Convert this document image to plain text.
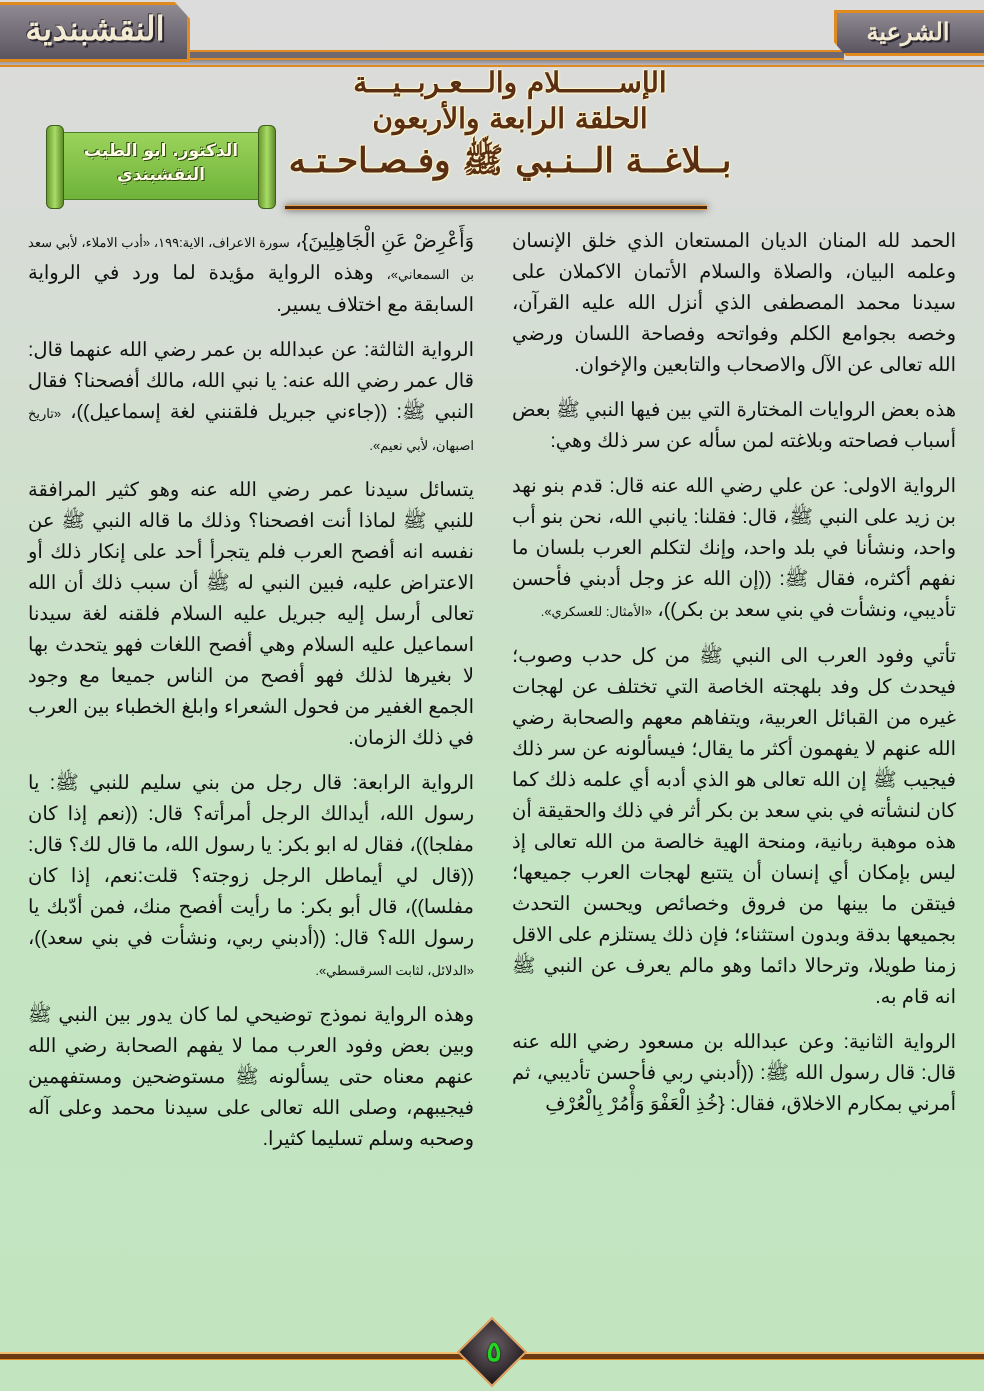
النقشبندية	الشرعية
الإســـــــلام والـــعـربــيـــة
الحلقة الرابعة والأربعون
بــلاغــة الــنـبي ﷺ وفـصـاحـتـه
الدكتور. ابو الطيب النقشبندي

الحمد لله المنان الديان المستعان الذي خلق الإنسان وعلمه البيان، والصلاة والسلام الأتمان الاكملان على سيدنا محمد المصطفى الذي أنزل الله عليه القرآن، وخصه بجوامع الكلم وفواتحه وفصاحة اللسان ورضي الله تعالى عن الآل والاصحاب والتابعين والإخوان.

هذه بعض الروايات المختارة التي بين فيها النبي ﷺ بعض أسباب فصاحته وبلاغته لمن سأله عن سر ذلك وهي:

الرواية الاولى: عن علي رضي الله عنه قال: قدم بنو نهد بن زيد على النبي ﷺ، قال: فقلنا: يانبي الله، نحن بنو أب واحد، ونشأنا في بلد واحد، وإنك لتكلم العرب بلسان ما نفهم أكثره، فقال ﷺ: ((إن الله عز وجل أدبني فأحسن تأديبي، ونشأت في بني سعد بن بكر))، «الأمثال: للعسكري».

تأتي وفود العرب الى النبي ﷺ من كل حدب وصوب؛ فيحدث كل وفد بلهجته الخاصة التي تختلف عن لهجات غيره من القبائل العربية، ويتفاهم معهم والصحابة رضي الله عنهم لا يفهمون أكثر ما يقال؛ فيسألونه عن سر ذلك فيجيب ﷺ إن الله تعالى هو الذي أدبه أي علمه ذلك كما كان لنشأته في بني سعد بن بكر أثر في ذلك والحقيقة أن هذه موهبة ربانية، ومنحة الهية خالصة من الله تعالى إذ ليس بإمكان أي إنسان أن يتتبع لهجات العرب جميعها؛ فيتقن ما بينها من فروق وخصائص ويحسن التحدث بجميعها بدقة وبدون استثناء؛ فإن ذلك يستلزم على الاقل زمنا طويلا، وترحالا دائما وهو مالم يعرف عن النبي ﷺ انه قام به.

الرواية الثانية: وعن عبدالله بن مسعود رضي الله عنه قال: قال رسول الله ﷺ: ((أدبني ربي فأحسن تأديبي، ثم أمرني بمكارم الاخلاق، فقال: {خُذِ الْعَفْوَ وَأْمُرْ بِالْعُرْفِ

وَأَعْرِضْ عَنِ الْجَاهِلِينَ}، سورة الاعراف، الاية:١٩٩، «أدب الاملاء، لأبي سعد بن السمعاني»، وهذه الرواية مؤيدة لما ورد في الرواية السابقة مع اختلاف يسير.

الرواية الثالثة: عن عبدالله بن عمر رضي الله عنهما قال: قال عمر رضي الله عنه: يا نبي الله، مالك أفصحنا؟ فقال النبي ﷺ: ((جاءني جبريل فلقنني لغة إسماعيل))، «تاريخ اصبهان، لأبي نعيم».

يتسائل سيدنا عمر رضي الله عنه وهو كثير المرافقة للنبي ﷺ لماذا أنت افصحنا؟ وذلك ما قاله النبي ﷺ عن نفسه انه أفصح العرب فلم يتجرأ أحد على إنكار ذلك أو الاعتراض عليه، فبين النبي له ﷺ أن سبب ذلك أن الله تعالى أرسل إليه جبريل عليه السلام فلقنه لغة سيدنا اسماعيل عليه السلام وهي أفصح اللغات فهو يتحدث بها لا بغيرها لذلك فهو أفصح من الناس جميعا مع وجود الجمع الغفير من فحول الشعراء وابلغ الخطباء بين العرب في ذلك الزمان.

الرواية الرابعة: قال رجل من بني سليم للنبي ﷺ: يا رسول الله، أيدالك الرجل أمرأته؟ قال: ((نعم إذا كان مفلجا))، فقال له ابو بكر: يا رسول الله، ما قال لك؟ قال: ((قال لي أيماطل الرجل زوجته؟ قلت:نعم، إذا كان مفلسا))، قال أبو بكر: ما رأيت أفصح منك، فمن أدّبك يا رسول الله؟ قال: ((أدبني ربي، ونشأت في بني سعد))، «الدلائل، لثابت السرقسطي».

وهذه الرواية نموذج توضيحي لما كان يدور بين النبي ﷺ وبين بعض وفود العرب مما لا يفهم الصحابة رضي الله عنهم معناه حتى يسألونه ﷺ مستوضحين ومستفهمين فيجيبهم، وصلى الله تعالى على سيدنا محمد وعلى آله وصحبه وسلم تسليما كثيرا.

٥
